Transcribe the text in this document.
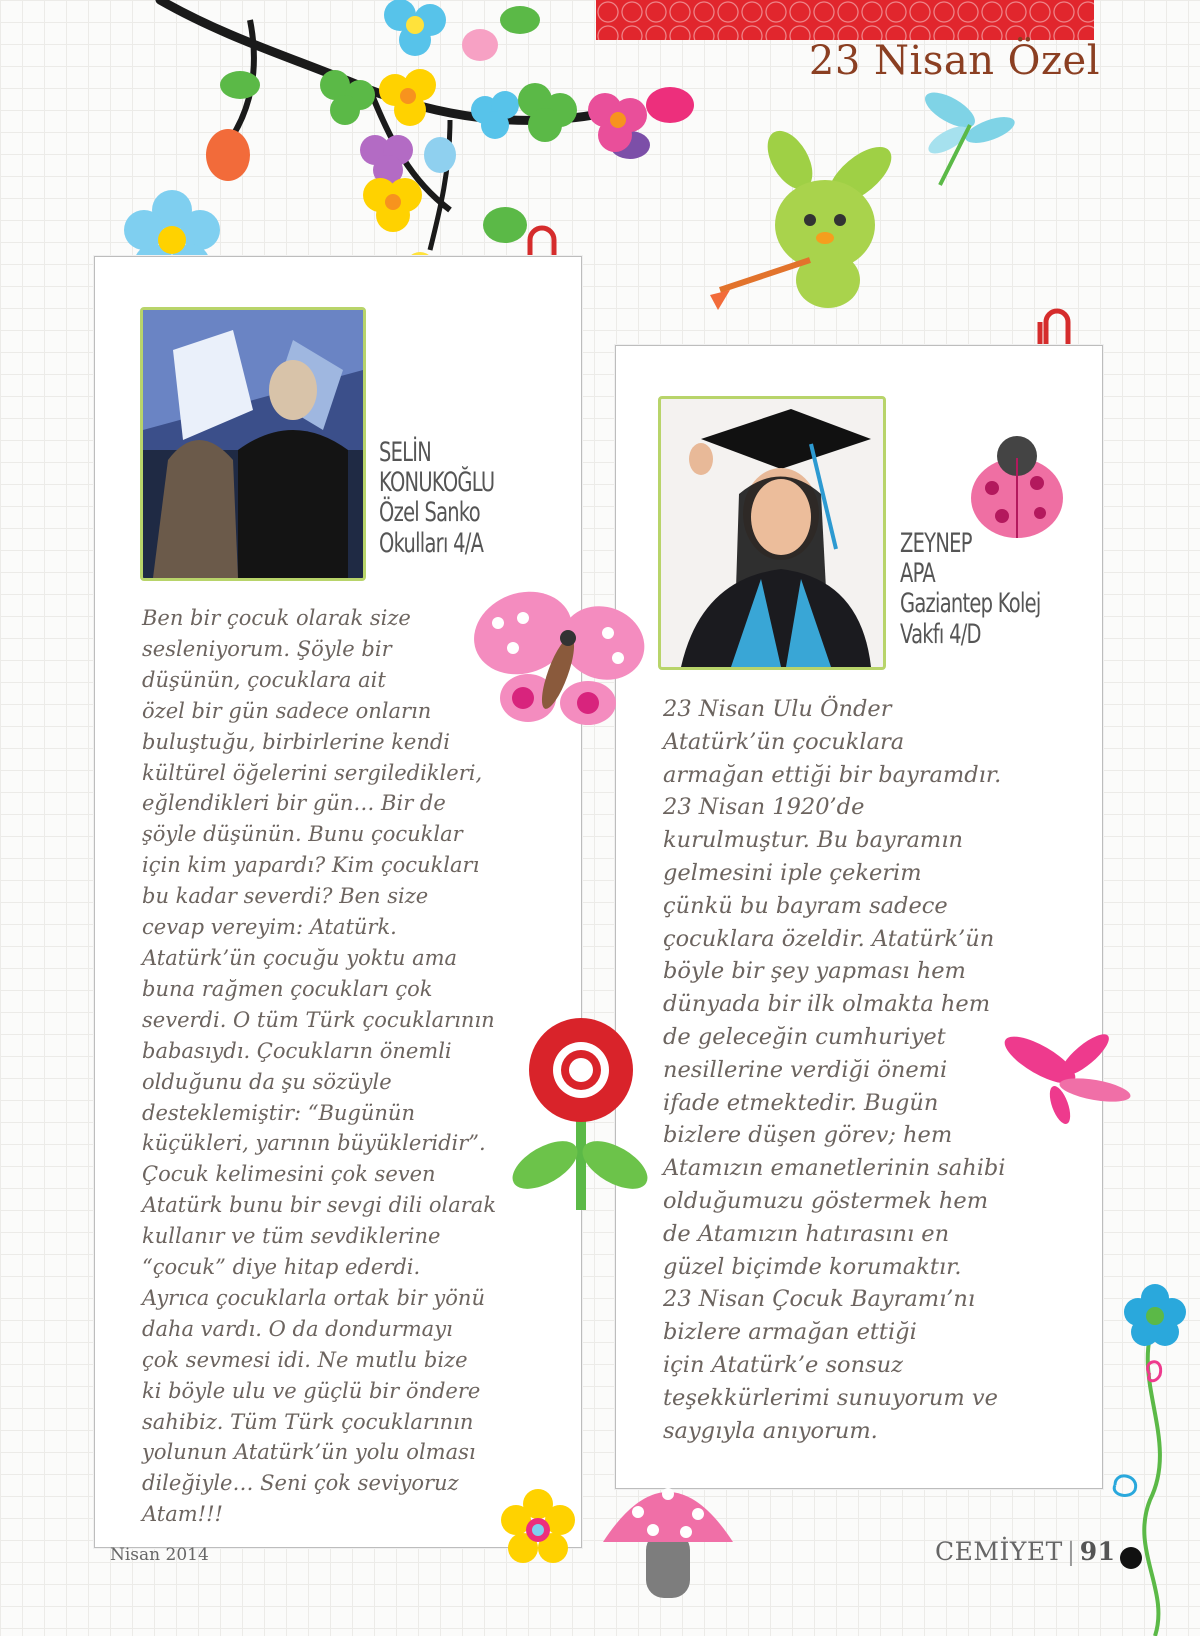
23 Nisan Özel
SELİN
KONUKOĞLU
Özel Sanko
Okulları 4/A
Ben bir çocuk olarak size
sesleniyorum. Şöyle bir
düşünün, çocuklara ait
özel bir gün sadece onların
buluştuğu, birbirlerine kendi
kültürel öğelerini sergiledikleri,
eğlendikleri bir gün… Bir de
şöyle düşünün. Bunu çocuklar
için kim yapardı? Kim çocukları
bu kadar severdi? Ben size
cevap vereyim: Atatürk.
Atatürk’ün çocuğu yoktu ama
buna rağmen çocukları çok
severdi. O tüm Türk çocuklarının
babasıydı. Çocukların önemli
olduğunu da şu sözüyle
desteklemiştir: “Bugünün
küçükleri, yarının büyükleridir”.
Çocuk kelimesini çok seven
Atatürk bunu bir sevgi dili olarak
kullanır ve tüm sevdiklerine
“çocuk” diye hitap ederdi.
Ayrıca çocuklarla ortak bir yönü
daha vardı. O da dondurmayı
çok sevmesi idi. Ne mutlu bize
ki böyle ulu ve güçlü bir öndere
sahibiz. Tüm Türk çocuklarının
yolunun Atatürk’ün yolu olması
dileğiyle… Seni çok seviyoruz
Atam!!!
ZEYNEP
APA
Gaziantep Kolej
Vakfı 4/D
23 Nisan Ulu Önder
Atatürk’ün çocuklara
armağan ettiği bir bayramdır.
23 Nisan 1920’de
kurulmuştur. Bu bayramın
gelmesini iple çekerim
çünkü bu bayram sadece
çocuklara özeldir. Atatürk’ün
böyle bir şey yapması hem
dünyada bir ilk olmakta hem
de geleceğin cumhuriyet
nesillerine verdiği önemi
ifade etmektedir. Bugün
bizlere düşen görev; hem
Atamızın emanetlerinin sahibi
olduğumuzu göstermek hem
de Atamızın hatırasını en
güzel biçimde korumaktır.
23 Nisan Çocuk Bayramı’nı
bizlere armağan ettiği
için Atatürk’e sonsuz
teşekkürlerimi sunuyorum ve
saygıyla anıyorum.
Nisan 2014	CEMİYET | 91
